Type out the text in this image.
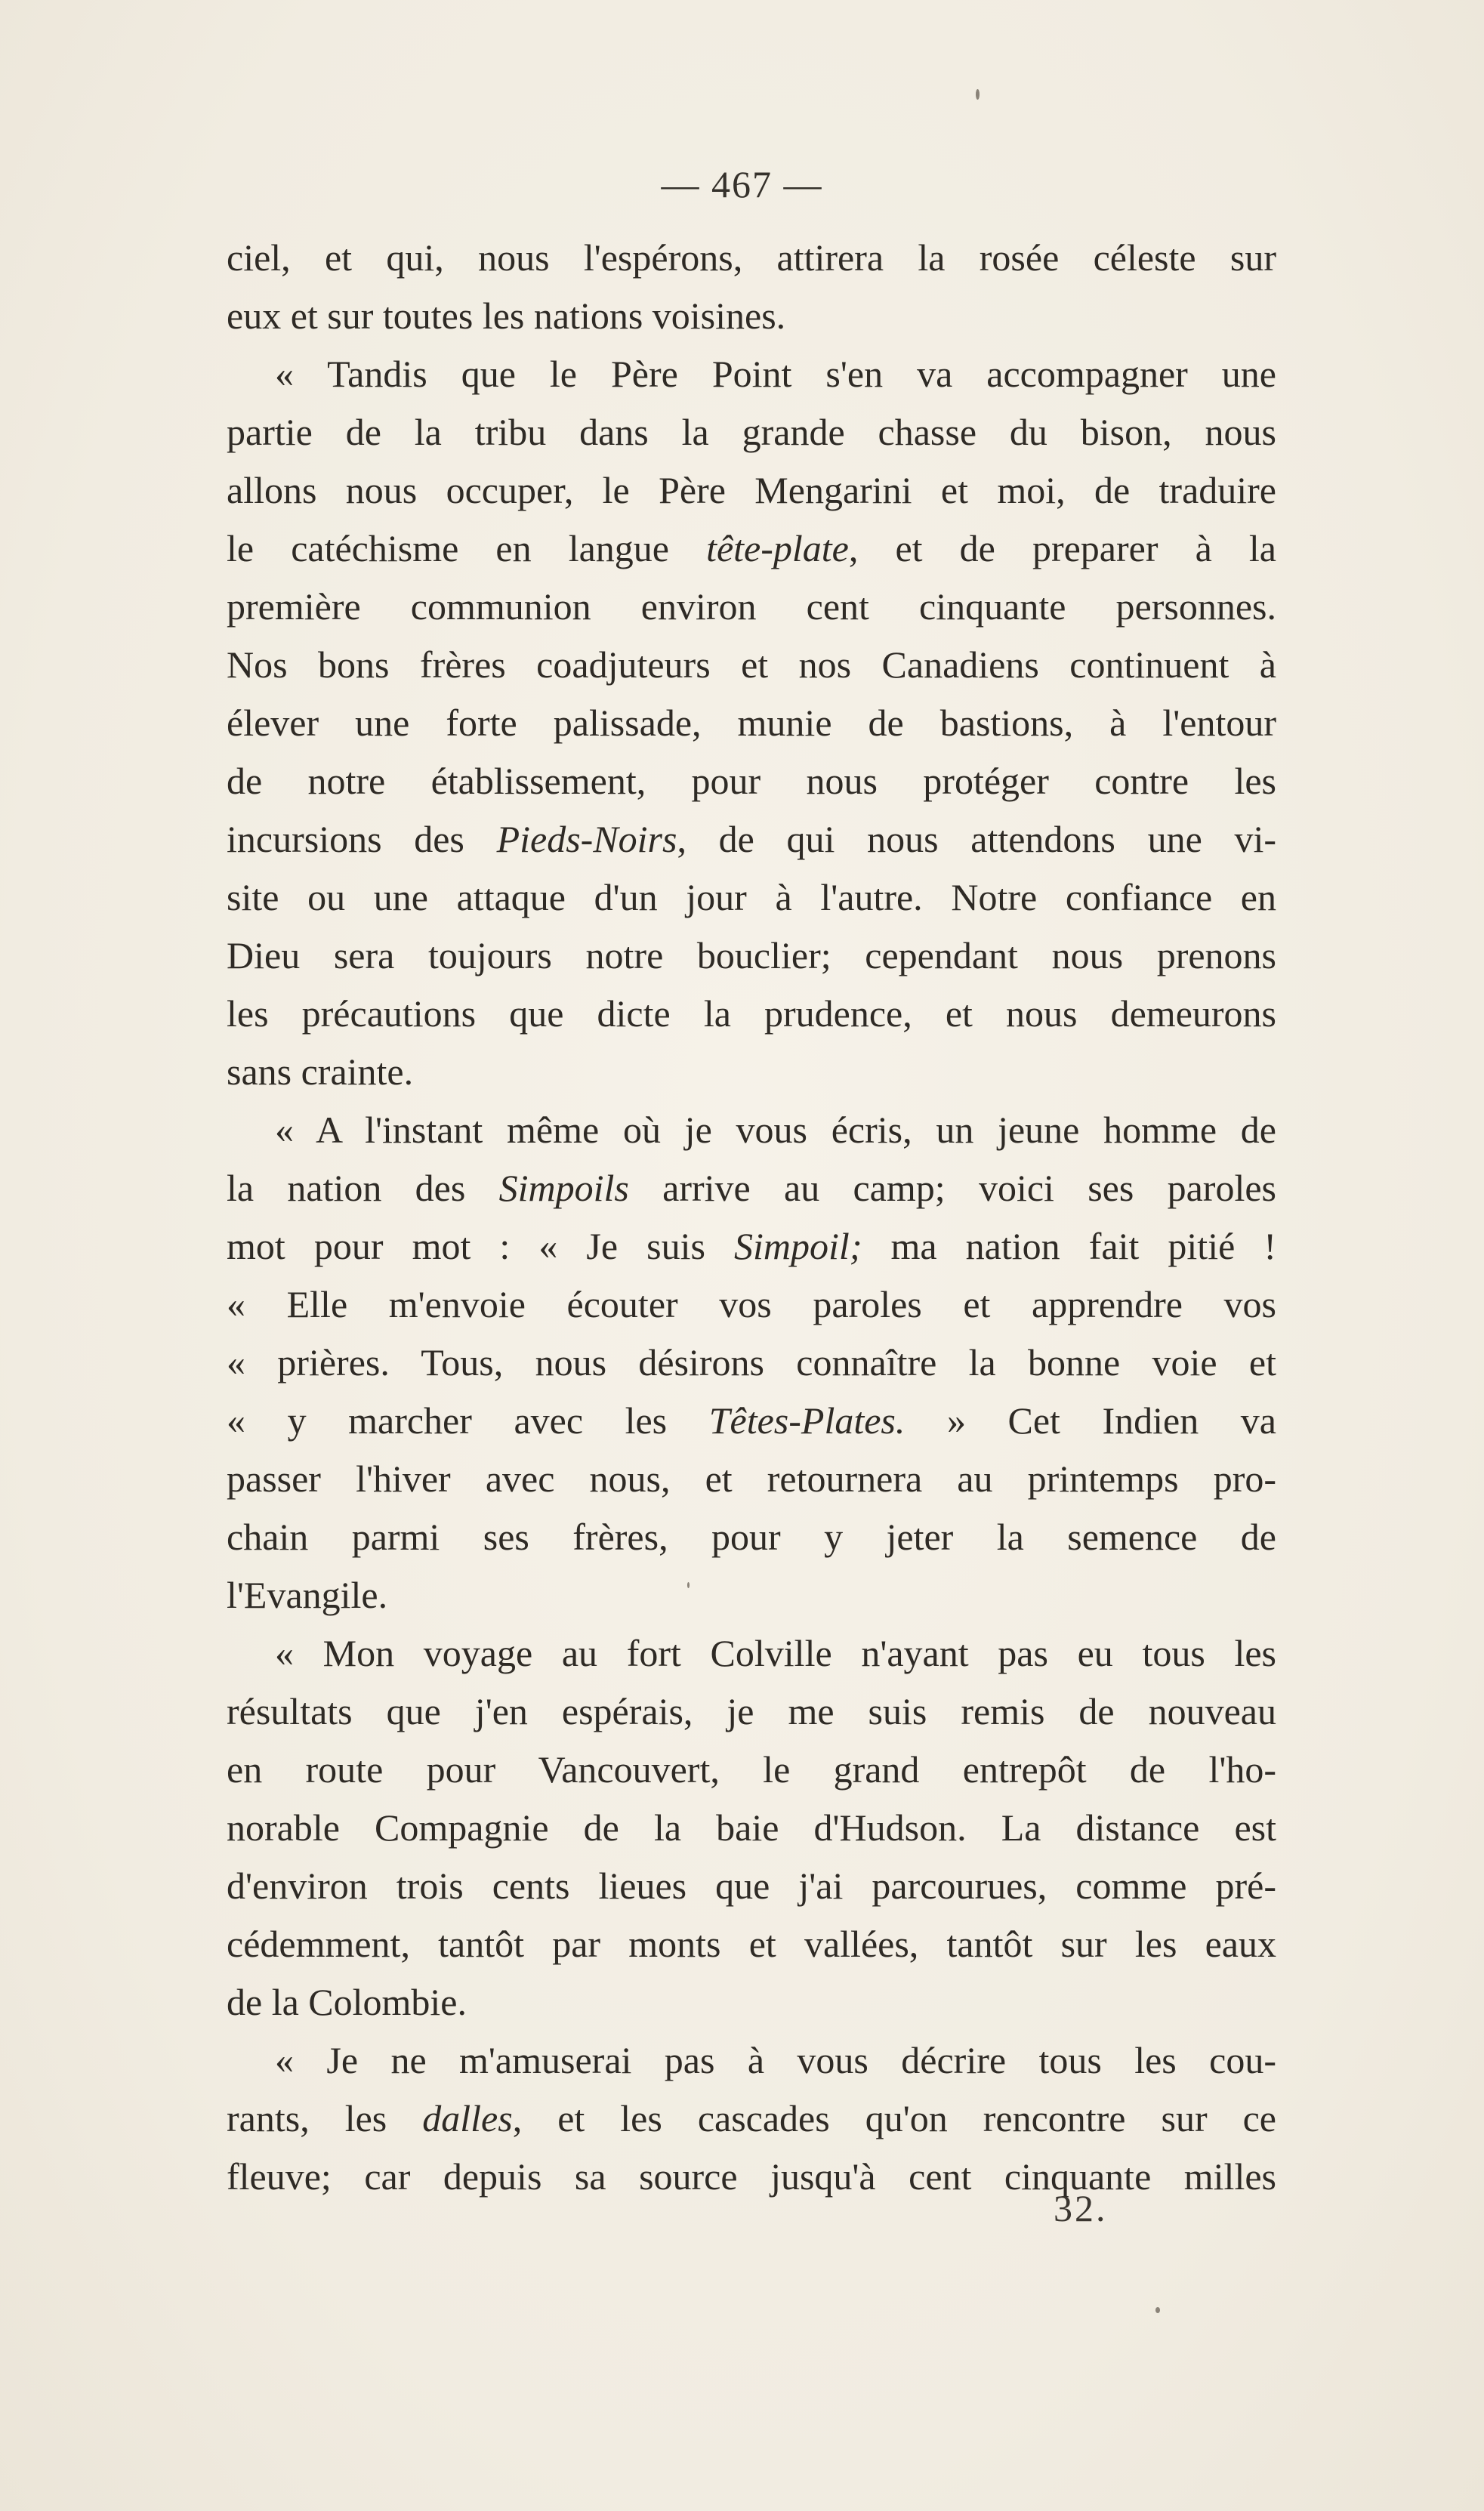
— 467 —
ciel, et qui, nous l'espérons, attirera la rosée céleste sur
eux et sur toutes les nations voisines.
« Tandis que le Père Point s'en va accompagner une
partie de la tribu dans la grande chasse du bison, nous
allons nous occuper, le Père Mengarini et moi, de traduire
le catéchisme en langue tête-plate, et de preparer à la
première communion environ cent cinquante personnes.
Nos bons frères coadjuteurs et nos Canadiens continuent à
élever une forte palissade, munie de bastions, à l'entour
de notre établissement, pour nous protéger contre les
incursions des Pieds-Noirs, de qui nous attendons une vi-
site ou une attaque d'un jour à l'autre. Notre confiance en
Dieu sera toujours notre bouclier; cependant nous prenons
les précautions que dicte la prudence, et nous demeurons
sans crainte.
« A l'instant même où je vous écris, un jeune homme de
la nation des Simpoils arrive au camp; voici ses paroles
mot pour mot : « Je suis Simpoil; ma nation fait pitié !
« Elle m'envoie écouter vos paroles et apprendre vos
« prières. Tous, nous désirons connaître la bonne voie et
« y marcher avec les Têtes-Plates. » Cet Indien va
passer l'hiver avec nous, et retournera au printemps pro-
chain parmi ses frères, pour y jeter la semence de
l'Evangile.
« Mon voyage au fort Colville n'ayant pas eu tous les
résultats que j'en espérais, je me suis remis de nouveau
en route pour Vancouvert, le grand entrepôt de l'ho-
norable Compagnie de la baie d'Hudson. La distance est
d'environ trois cents lieues que j'ai parcourues, comme pré-
cédemment, tantôt par monts et vallées, tantôt sur les eaux
de la Colombie.
« Je ne m'amuserai pas à vous décrire tous les cou-
rants, les dalles, et les cascades qu'on rencontre sur ce
fleuve; car depuis sa source jusqu'à cent cinquante milles
32.
